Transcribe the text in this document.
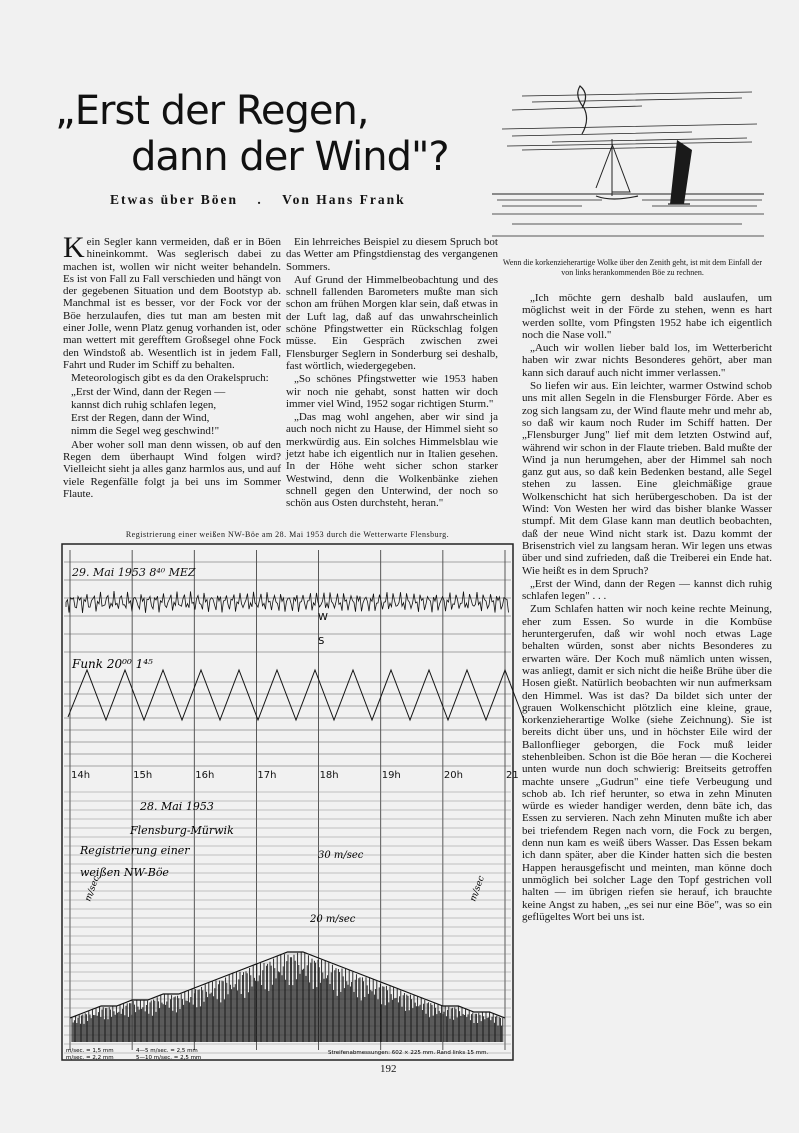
„Erst der Regen,
dann der Wind"?

Etwas über Böen . Von Hans Frank

Wenn die korkenzieherartige Wolke über den Zenith geht, ist mit dem Einfall der von links herankommenden Böe zu rechnen.

Kein Segler kann vermeiden, daß er in Böen hineinkommt. Was seglerisch dabei zu machen ist, wollen wir nicht weiter behandeln. Es ist von Fall zu Fall verschieden und hängt von der gegebenen Situation und dem Bootstyp ab. Manchmal ist es besser, vor der Fock vor der Böe herzulaufen, dies tut man am besten mit einer Jolle, wenn Platz genug vorhanden ist, oder man wettert mit gerefftem Großsegel ohne Fock den Windstoß ab. Wesentlich ist in jedem Fall, Fahrt und Ruder im Schiff zu behalten.

Meteorologisch gibt es da den Orakelspruch:

„Erst der Wind, dann der Regen —

kannst dich ruhig schlafen legen,

Erst der Regen, dann der Wind,

nimm die Segel weg geschwind!"

Aber woher soll man denn wissen, ob auf den Regen dem überhaupt Wind folgen wird? Vielleicht sieht ja alles ganz harmlos aus, und auf viele Regenfälle folgt ja bei uns im Sommer Flaute.

Ein lehrreiches Beispiel zu diesem Spruch bot das Wetter am Pfingstdienstag des vergangenen Sommers.

Auf Grund der Himmelbeobachtung und des schnell fallenden Barometers mußte man sich schon am frühen Morgen klar sein, daß etwas in der Luft lag, daß auf das unwahrscheinlich schöne Pfingstwetter ein Rückschlag folgen müsse. Ein Gespräch zwischen zwei Flensburger Seglern in Sonderburg sei deshalb, fast wörtlich, wiedergegeben.

„So schönes Pfingstwetter wie 1953 haben wir noch nie gehabt, sonst hatten wir doch immer viel Wind, 1952 sogar richtigen Sturm."

„Das mag wohl angehen, aber wir sind ja auch noch nicht zu Hause, der Himmel sieht so merkwürdig aus. Ein solches Himmelsblau wie jetzt habe ich eigentlich nur in Italien gesehen. In der Höhe weht sicher schon starker Westwind, denn die Wolkenbänke ziehen schnell gegen den Unterwind, der noch so schön aus Osten durchsteht, heran."

„Ich möchte gern deshalb bald auslaufen, um möglichst weit in der Förde zu stehen, wenn es hart werden sollte, vom Pfingsten 1952 habe ich eigentlich noch die Nase voll."

„Auch wir wollen lieber bald los, im Wetterbericht haben wir zwar nichts Besonderes gehört, aber man kann sich darauf auch nicht immer verlassen."

So liefen wir aus. Ein leichter, warmer Ostwind schob uns mit allen Segeln in die Flensburger Förde. Aber es zog sich langsam zu, der Wind flaute mehr und mehr ab, so daß wir kaum noch Ruder im Schiff hatten. Der „Flensburger Jung" lief mit dem letzten Ostwind auf, während wir schon in der Flaute trieben. Bald mußte der Wind ja nun herumgehen, aber der Himmel sah noch ganz gut aus, so daß kein Bedenken bestand, alle Segel stehen zu lassen. Eine gleichmäßige graue Wolkenschicht hat sich herübergeschoben. Da ist der Wind: Von Westen her wird das bisher blanke Wasser stumpf. Mit dem Glase kann man deutlich beobachten, daß der neue Wind nicht stark ist. Dazu kommt der Brisenstrich viel zu langsam heran. Wir legen uns etwas über und sind zufrieden, daß die Treiberei ein Ende hat. Wie heißt es in dem Spruch?

„Erst der Wind, dann der Regen — kannst dich ruhig schlafen legen" . . .

Zum Schlafen hatten wir noch keine rechte Meinung, eher zum Essen. So wurde in die Kombüse heruntergerufen, daß wir wohl noch etwas Lage behalten würden, sonst aber nichts Besonderes zu erwarten wäre. Der Koch muß nämlich unten wissen, was anliegt, damit er sich nicht die heiße Brühe über die Hosen gießt. Natürlich beobachten wir nun aufmerksam den Himmel. Was ist das? Da bildet sich unter der grauen Wolkenschicht plötzlich eine kleine, graue, korkenzieherartige Wolke (siehe Zeichnung). Sie ist bereits dicht über uns, und in höchster Eile wird der Ballonflieger geborgen, die Fock muß leider stehenbleiben. Schon ist die Böe heran — die Kocherei unten wurde nun doch schwierig: Breitseits getroffen machte unsere „Gudrun" eine tiefe Verbeugung und schob ab. Ich rief herunter, so etwa in zehn Minuten würde es wieder handiger werden, denn bäte ich, das Essen zu servieren. Nach zehn Minuten mußte ich aber bei triefendem Regen nach vorn, die Fock zu bergen, denn nun kam es weiß übers Wasser. Das Essen bekam ich dann später, aber die Kinder hatten sich die besten Happen herausgefischt und meinten, man könne doch unmöglich bei solcher Lage den Topf gestrichen voll halten — im übrigen riefen sie herauf, ich brauchte keine Angst zu haben, „es sei nur eine Böe", was so ein geflügeltes Wort bei uns ist.

Registrierung einer weißen NW-Böe am 28. Mai 1953 durch die Wetterwarte Flensburg.

14h	15h	16h	17h	18h	19h	20h	21
29. Mai 1953 8⁴⁰ MEZ
W
S
Funk 20⁰⁰ 1⁴⁵
28. Mai 1953
Flensburg-Mürwik
Registrierung einer
weißen NW-Böe
30 m/sec
20 m/sec
m/sec	m/sec
m/sec. = 1,5 mm
m/sec. = 2,2 mm
4—5 m/sec. = 2,5 mm
5—10 m/sec. = 2,5 mm
Streifenabmessungen: 602 × 225 mm. Rand links 15 mm.

192
